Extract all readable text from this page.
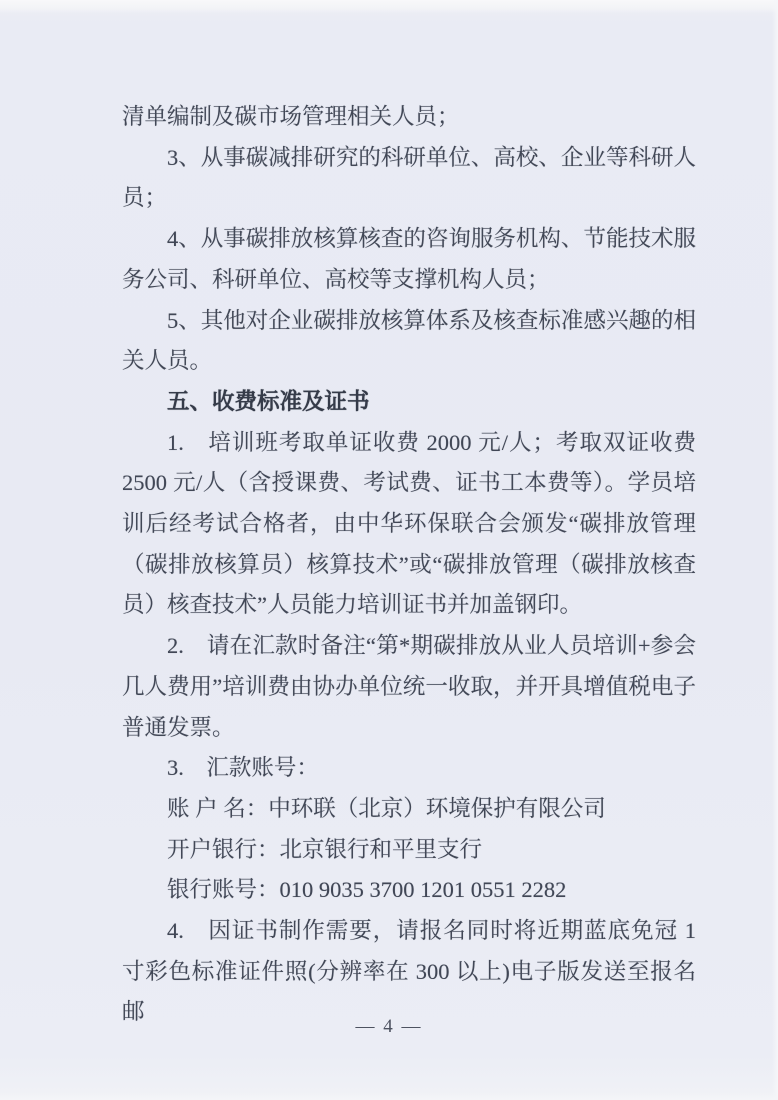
清单编制及碳市场管理相关人员；

3、从事碳减排研究的科研单位、高校、企业等科研人员；

4、从事碳排放核算核查的咨询服务机构、节能技术服务公司、科研单位、高校等支撑机构人员；

5、其他对企业碳排放核算体系及核查标准感兴趣的相关人员。

五、收费标准及证书

1.　培训班考取单证收费 2000 元/人；考取双证收费 2500 元/人（含授课费、考试费、证书工本费等）。学员培训后经考试合格者，由中华环保联合会颁发“碳排放管理（碳排放核算员）核算技术”或“碳排放管理（碳排放核查员）核查技术”人员能力培训证书并加盖钢印。

2.　请在汇款时备注“第*期碳排放从业人员培训+参会几人费用”培训费由协办单位统一收取，并开具增值税电子普通发票。

3.　汇款账号：

账 户 名：中环联（北京）环境保护有限公司

开户银行：北京银行和平里支行

银行账号：010 9035 3700 1201 0551 2282

4.　因证书制作需要，请报名同时将近期蓝底免冠 1 寸彩色标准证件照(分辨率在 300 以上)电子版发送至报名邮

— 4 —
